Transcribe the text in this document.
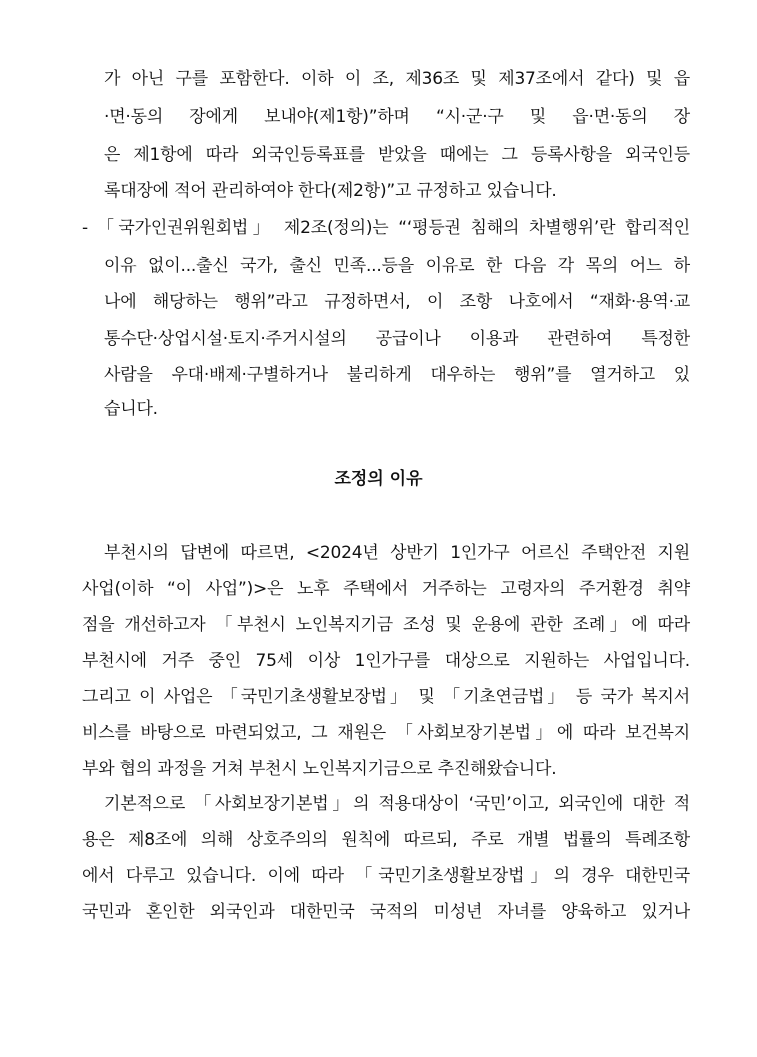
가 아닌 구를 포함한다. 이하 이 조, 제36조 및 제37조에서 같다) 및 읍
·면·동의 장에게 보내야(제1항)”하며 “시·군·구 및 읍·면·동의 장
은 제1항에 따라 외국인등록표를 받았을 때에는 그 등록사항을 외국인등
록대장에 적어 관리하여야 한다(제2항)”고 규정하고 있습니다.
- 「국가인권위원회법」 제2조(정의)는 “‘평등권 침해의 차별행위’란 합리적인
이유 없이...출신 국가, 출신 민족...등을 이유로 한 다음 각 목의 어느 하
나에 해당하는 행위”라고 규정하면서, 이 조항 나호에서 “재화·용역·교
통수단·상업시설·토지·주거시설의 공급이나 이용과 관련하여 특정한
사람을 우대·배제·구별하거나 불리하게 대우하는 행위”를 열거하고 있
습니다.
조정의 이유
부천시의 답변에 따르면, <2024년 상반기 1인가구 어르신 주택안전 지원
사업(이하 “이 사업”)>은 노후 주택에서 거주하는 고령자의 주거환경 취약
점을 개선하고자 「부천시 노인복지기금 조성 및 운용에 관한 조례」에 따라
부천시에 거주 중인 75세 이상 1인가구를 대상으로 지원하는 사업입니다.
그리고 이 사업은 「국민기초생활보장법」 및 「기초연금법」 등 국가 복지서
비스를 바탕으로 마련되었고, 그 재원은 「사회보장기본법」에 따라 보건복지
부와 협의 과정을 거쳐 부천시 노인복지기금으로 추진해왔습니다.
기본적으로 「사회보장기본법」의 적용대상이 ‘국민’이고, 외국인에 대한 적
용은 제8조에 의해 상호주의의 원칙에 따르되, 주로 개별 법률의 특례조항
에서 다루고 있습니다. 이에 따라 「국민기초생활보장법」의 경우 대한민국
국민과 혼인한 외국인과 대한민국 국적의 미성년 자녀를 양육하고 있거나
